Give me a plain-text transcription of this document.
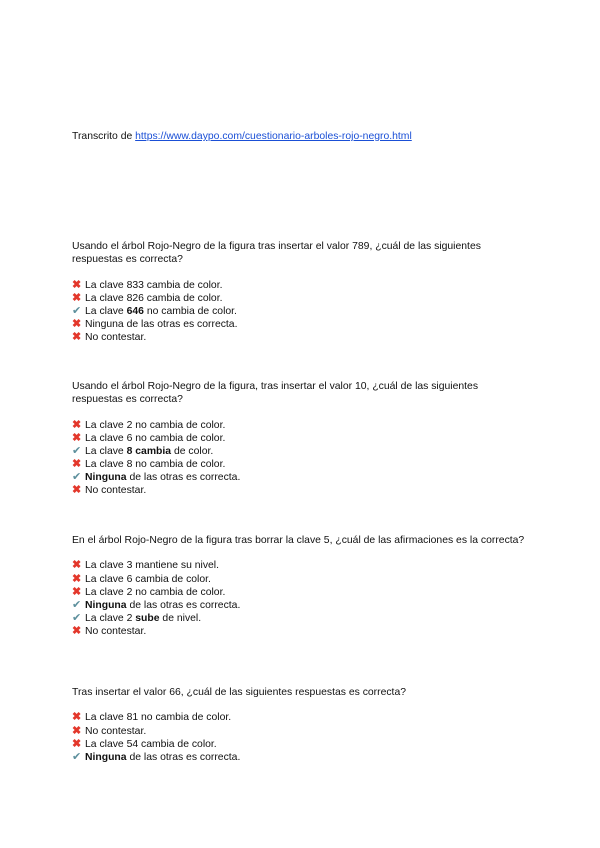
Transcrito de https://www.daypo.com/cuestionario-arboles-rojo-negro.html

Usando el árbol Rojo-Negro de la figura tras insertar el valor 789, ¿cuál de las siguientes respuestas es correcta?

✖ La clave 833 cambia de color.
✖ La clave 826 cambia de color.
✔ La clave 646 no cambia de color.
✖ Ninguna de las otras es correcta.
✖ No contestar.

Usando el árbol Rojo-Negro de la figura, tras insertar el valor 10, ¿cuál de las siguientes respuestas es correcta?

✖ La clave 2 no cambia de color.
✖ La clave 6 no cambia de color.
✔ La clave 8 cambia de color.
✖ La clave 8 no cambia de color.
✔ Ninguna de las otras es correcta.
✖ No contestar.

En el árbol Rojo-Negro de la figura tras borrar la clave 5, ¿cuál de las afirmaciones es la correcta?

✖ La clave 3 mantiene su nivel.
✖ La clave 6 cambia de color.
✖ La clave 2 no cambia de color.
✔ Ninguna de las otras es correcta.
✔ La clave 2 sube de nivel.
✖ No contestar.

Tras insertar el valor 66, ¿cuál de las siguientes respuestas es correcta?

✖ La clave 81 no cambia de color.
✖ No contestar.
✖ La clave 54 cambia de color.
✔ Ninguna de las otras es correcta.
